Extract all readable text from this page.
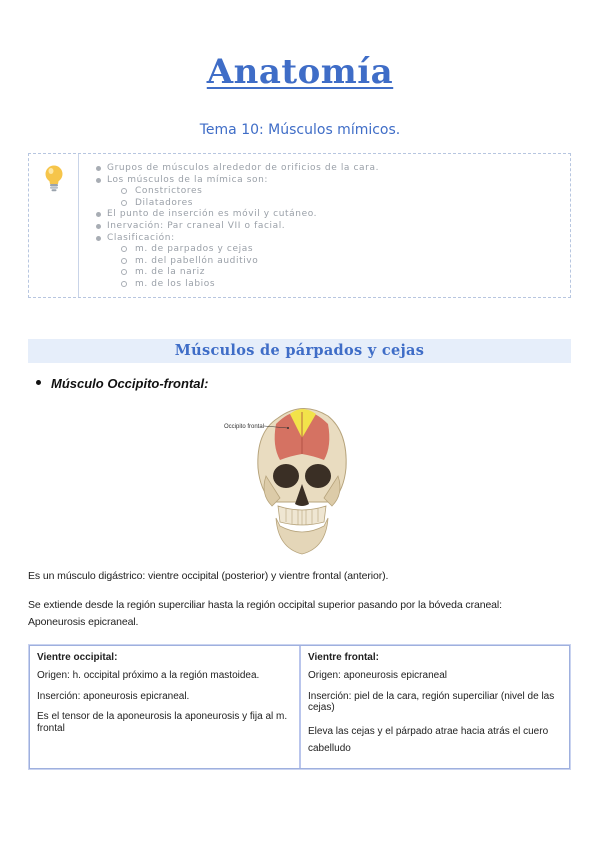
Anatomía
Tema 10: Músculos mímicos.
Grupos de músculos alrededor de orificios de la cara.
Los músculos de la mímica son:
Constrictores
Dilatadores
El punto de inserción es móvil y cutáneo.
Inervación: Par craneal VII o facial.
Clasificación:
m. de parpados y cejas
m. del pabellón auditivo
m. de la nariz
m. de los labios
Músculos de párpados y cejas
Músculo Occipito-frontal:
Occipito frontal
Es un músculo digástrico: vientre occipital (posterior) y vientre frontal (anterior).
Se extiende desde la región superciliar hasta la región occipital superior pasando por la bóveda craneal:
Aponeurosis epicraneal.
Vientre occipital:

Origen: h. occipital próximo a la región mastoidea.

Inserción: aponeurosis epicraneal.

Es el tensor de la aponeurosis la aponeurosis y fija al m. frontal

Vientre frontal:

Origen: aponeurosis epicraneal

Inserción: piel de la cara, región superciliar (nivel de las cejas)

Eleva las cejas y el párpado atrae hacia atrás el cuero cabelludo
